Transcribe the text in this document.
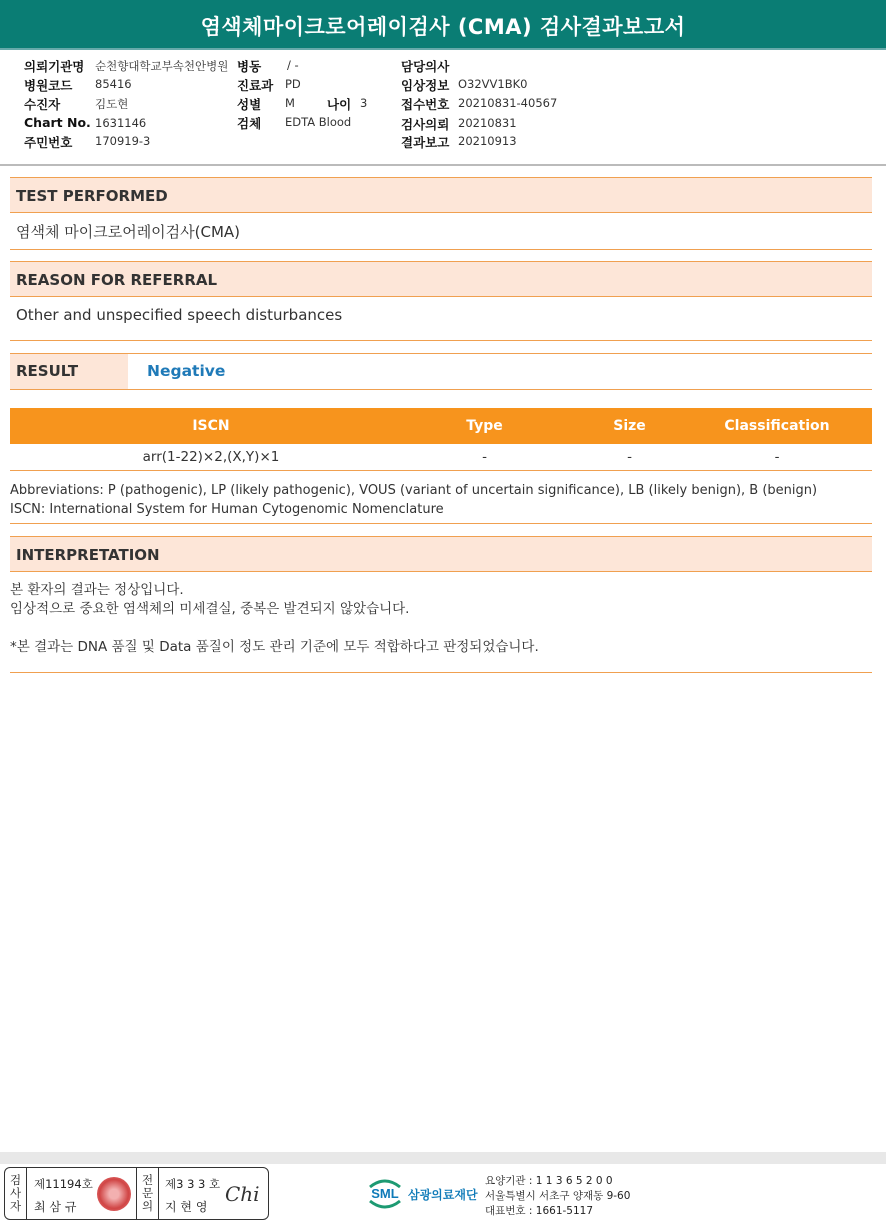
염색체마이크로어레이검사 (CMA) 검사결과보고서
의뢰기관명 순천향대학교부속천안병원 병동 / -	담당의사
병원코드 85416	진료과 PD	임상정보 O32VV1BK0
수진자	김도현	성별 M	나이 3	접수번호 20210831-40567
Chart No. 1631146	검체 EDTA Blood	검사의뢰 20210831
주민번호 170919-3	결과보고 20210913
TEST PERFORMED
염색체 마이크로어레이검사(CMA)
REASON FOR REFERRAL
Other and unspecified speech disturbances
RESULT	Negative
ISCN	Type	Size	Classification
arr(1-22)×2,(X,Y)×1	-	-	-
Abbreviations: P (pathogenic), LP (likely pathogenic), VOUS (variant of uncertain significance), LB (likely benign), B (benign)
ISCN: International System for Human Cytogenomic Nomenclature
INTERPRETATION
본 환자의 결과는 정상입니다.
임상적으로 중요한 염색체의 미세결실, 중복은 발견되지 않았습니다.
*본 결과는 DNA 품질 및 Data 품질이 정도 관리 기준에 모두 적합하다고 판정되었습니다.
검사자
제11194호
최 삼 규
전문의
제3 3 3 호
지 현 영
Chi	SML 삼광의료재단
요양기관 : 1 1 3 6 5 2 0 0
서울특별시 서초구 양재동 9-60
대표번호 : 1661-5117
